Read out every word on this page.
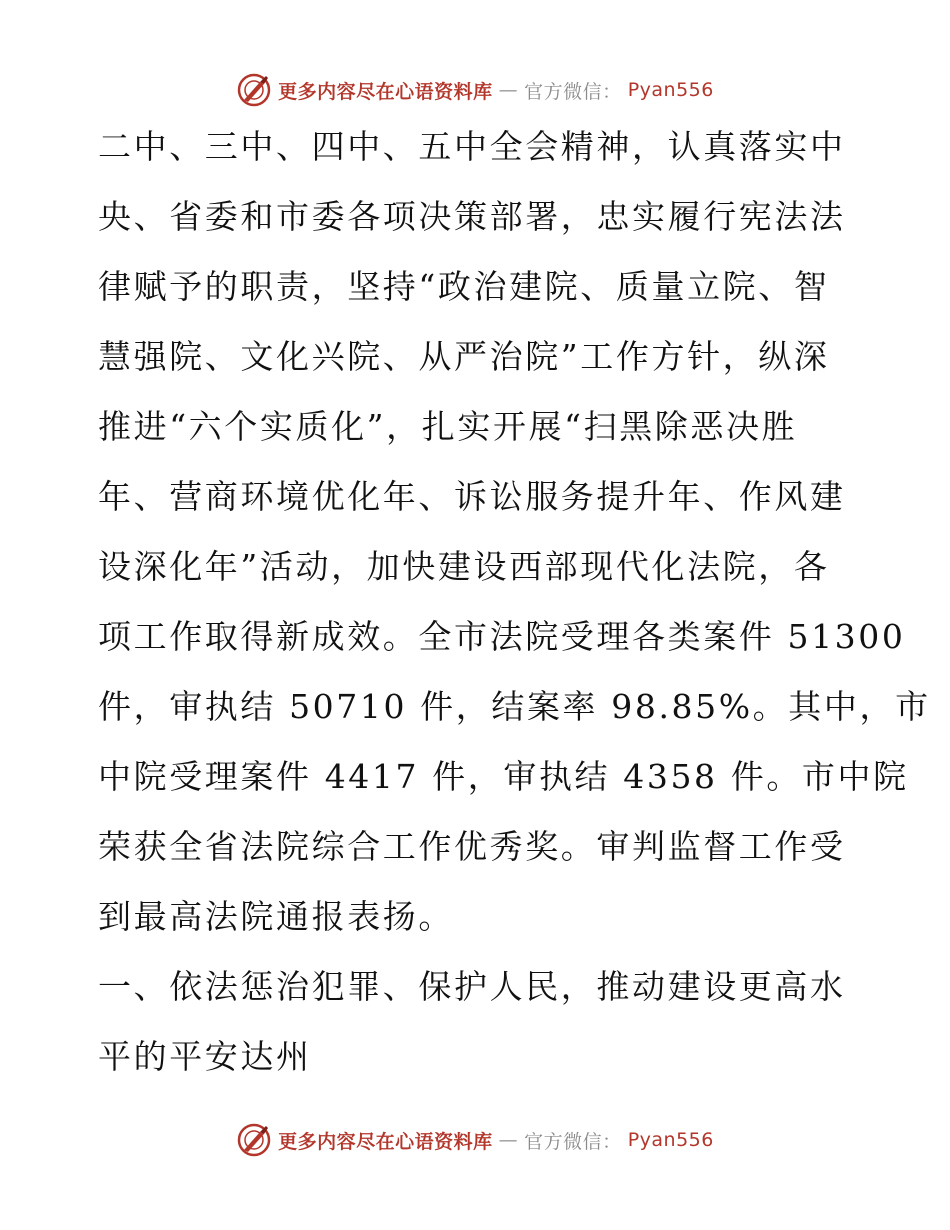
更多内容尽在心语资料库 — 官方微信： Pyan556
二中、三中、四中、五中全会精神，认真落实中
央、省委和市委各项决策部署，忠实履行宪法法
律赋予的职责，坚持“政治建院、质量立院、智
慧强院、文化兴院、从严治院”工作方针，纵深
推进“六个实质化”，扎实开展“扫黑除恶决胜
年、营商环境优化年、诉讼服务提升年、作风建
设深化年”活动，加快建设西部现代化法院，各
项工作取得新成效。全市法院受理各类案件 51300
件，审执结 50710 件，结案率 98.85%。其中，市
中院受理案件 4417 件，审执结 4358 件。市中院
荣获全省法院综合工作优秀奖。审判监督工作受
到最高法院通报表扬。
一、依法惩治犯罪、保护人民，推动建设更高水
平的平安达州
更多内容尽在心语资料库 — 官方微信： Pyan556
